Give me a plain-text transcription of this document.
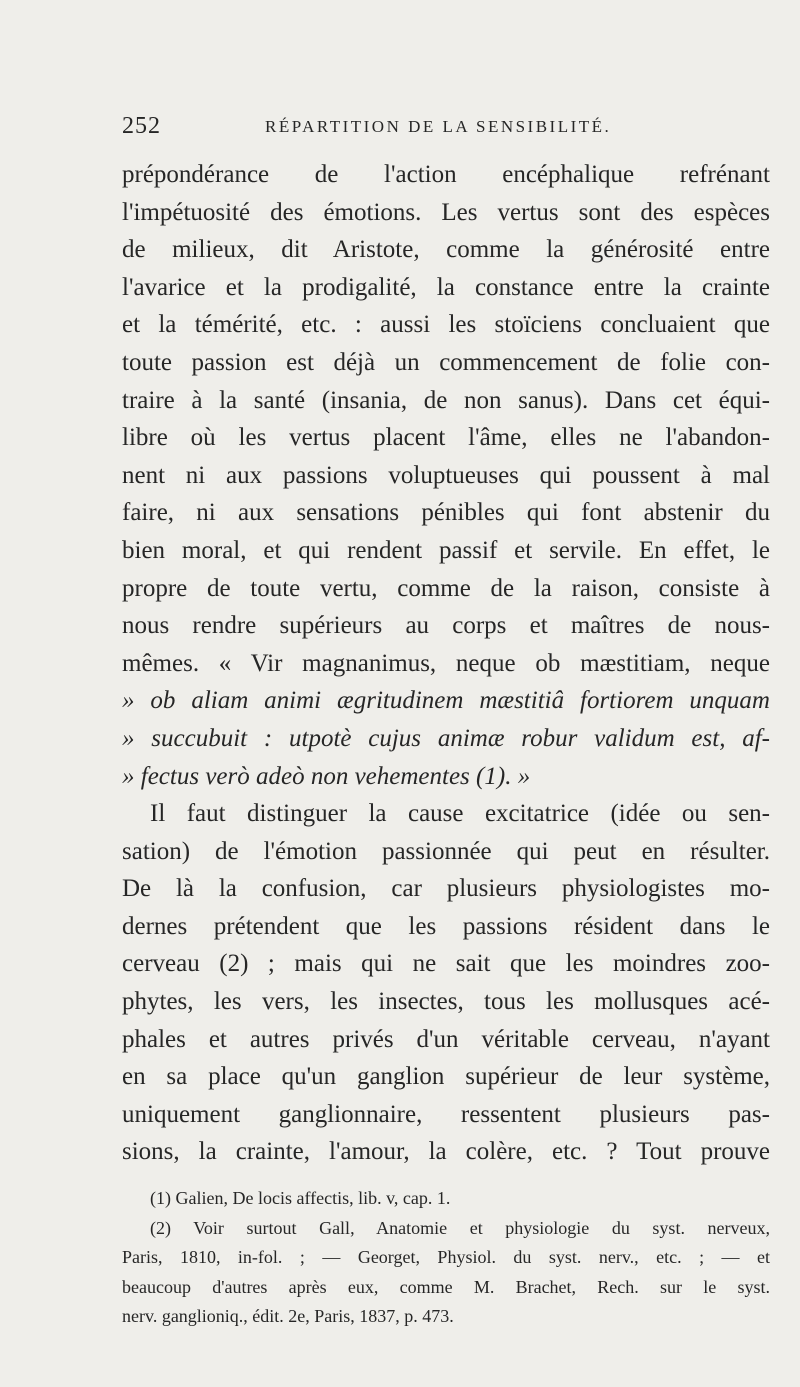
252	RÉPARTITION DE LA SENSIBILITÉ.
prépondérance de l'action encéphalique refrénant
l'impétuosité des émotions. Les vertus sont des espèces
de milieux, dit Aristote, comme la générosité entre
l'avarice et la prodigalité, la constance entre la crainte
et la témérité, etc. : aussi les stoïciens concluaient que
toute passion est déjà un commencement de folie con-
traire à la santé (insania, de non sanus). Dans cet équi-
libre où les vertus placent l'âme, elles ne l'abandon-
nent ni aux passions voluptueuses qui poussent à mal
faire, ni aux sensations pénibles qui font abstenir du
bien moral, et qui rendent passif et servile. En effet, le
propre de toute vertu, comme de la raison, consiste à
nous rendre supérieurs au corps et maîtres de nous-
mêmes. « Vir magnanimus, neque ob mæstitiam, neque
» ob aliam animi ægritudinem mæstitiâ fortiorem unquam
» succubuit : utpotè cujus animæ robur validum est, af-
» fectus verò adeò non vehementes (1). »
Il faut distinguer la cause excitatrice (idée ou sen-
sation) de l'émotion passionnée qui peut en résulter.
De là la confusion, car plusieurs physiologistes mo-
dernes prétendent que les passions résident dans le
cerveau (2) ; mais qui ne sait que les moindres zoo-
phytes, les vers, les insectes, tous les mollusques acé-
phales et autres privés d'un véritable cerveau, n'ayant
en sa place qu'un ganglion supérieur de leur système,
uniquement ganglionnaire, ressentent plusieurs pas-
sions, la crainte, l'amour, la colère, etc. ? Tout prouve
(1) Galien, De locis affectis, lib. v, cap. 1.
(2) Voir surtout Gall, Anatomie et physiologie du syst. nerveux,
Paris, 1810, in-fol. ; — Georget, Physiol. du syst. nerv., etc. ; — et
beaucoup d'autres après eux, comme M. Brachet, Rech. sur le syst.
nerv. ganglioniq., édit. 2e, Paris, 1837, p. 473.
